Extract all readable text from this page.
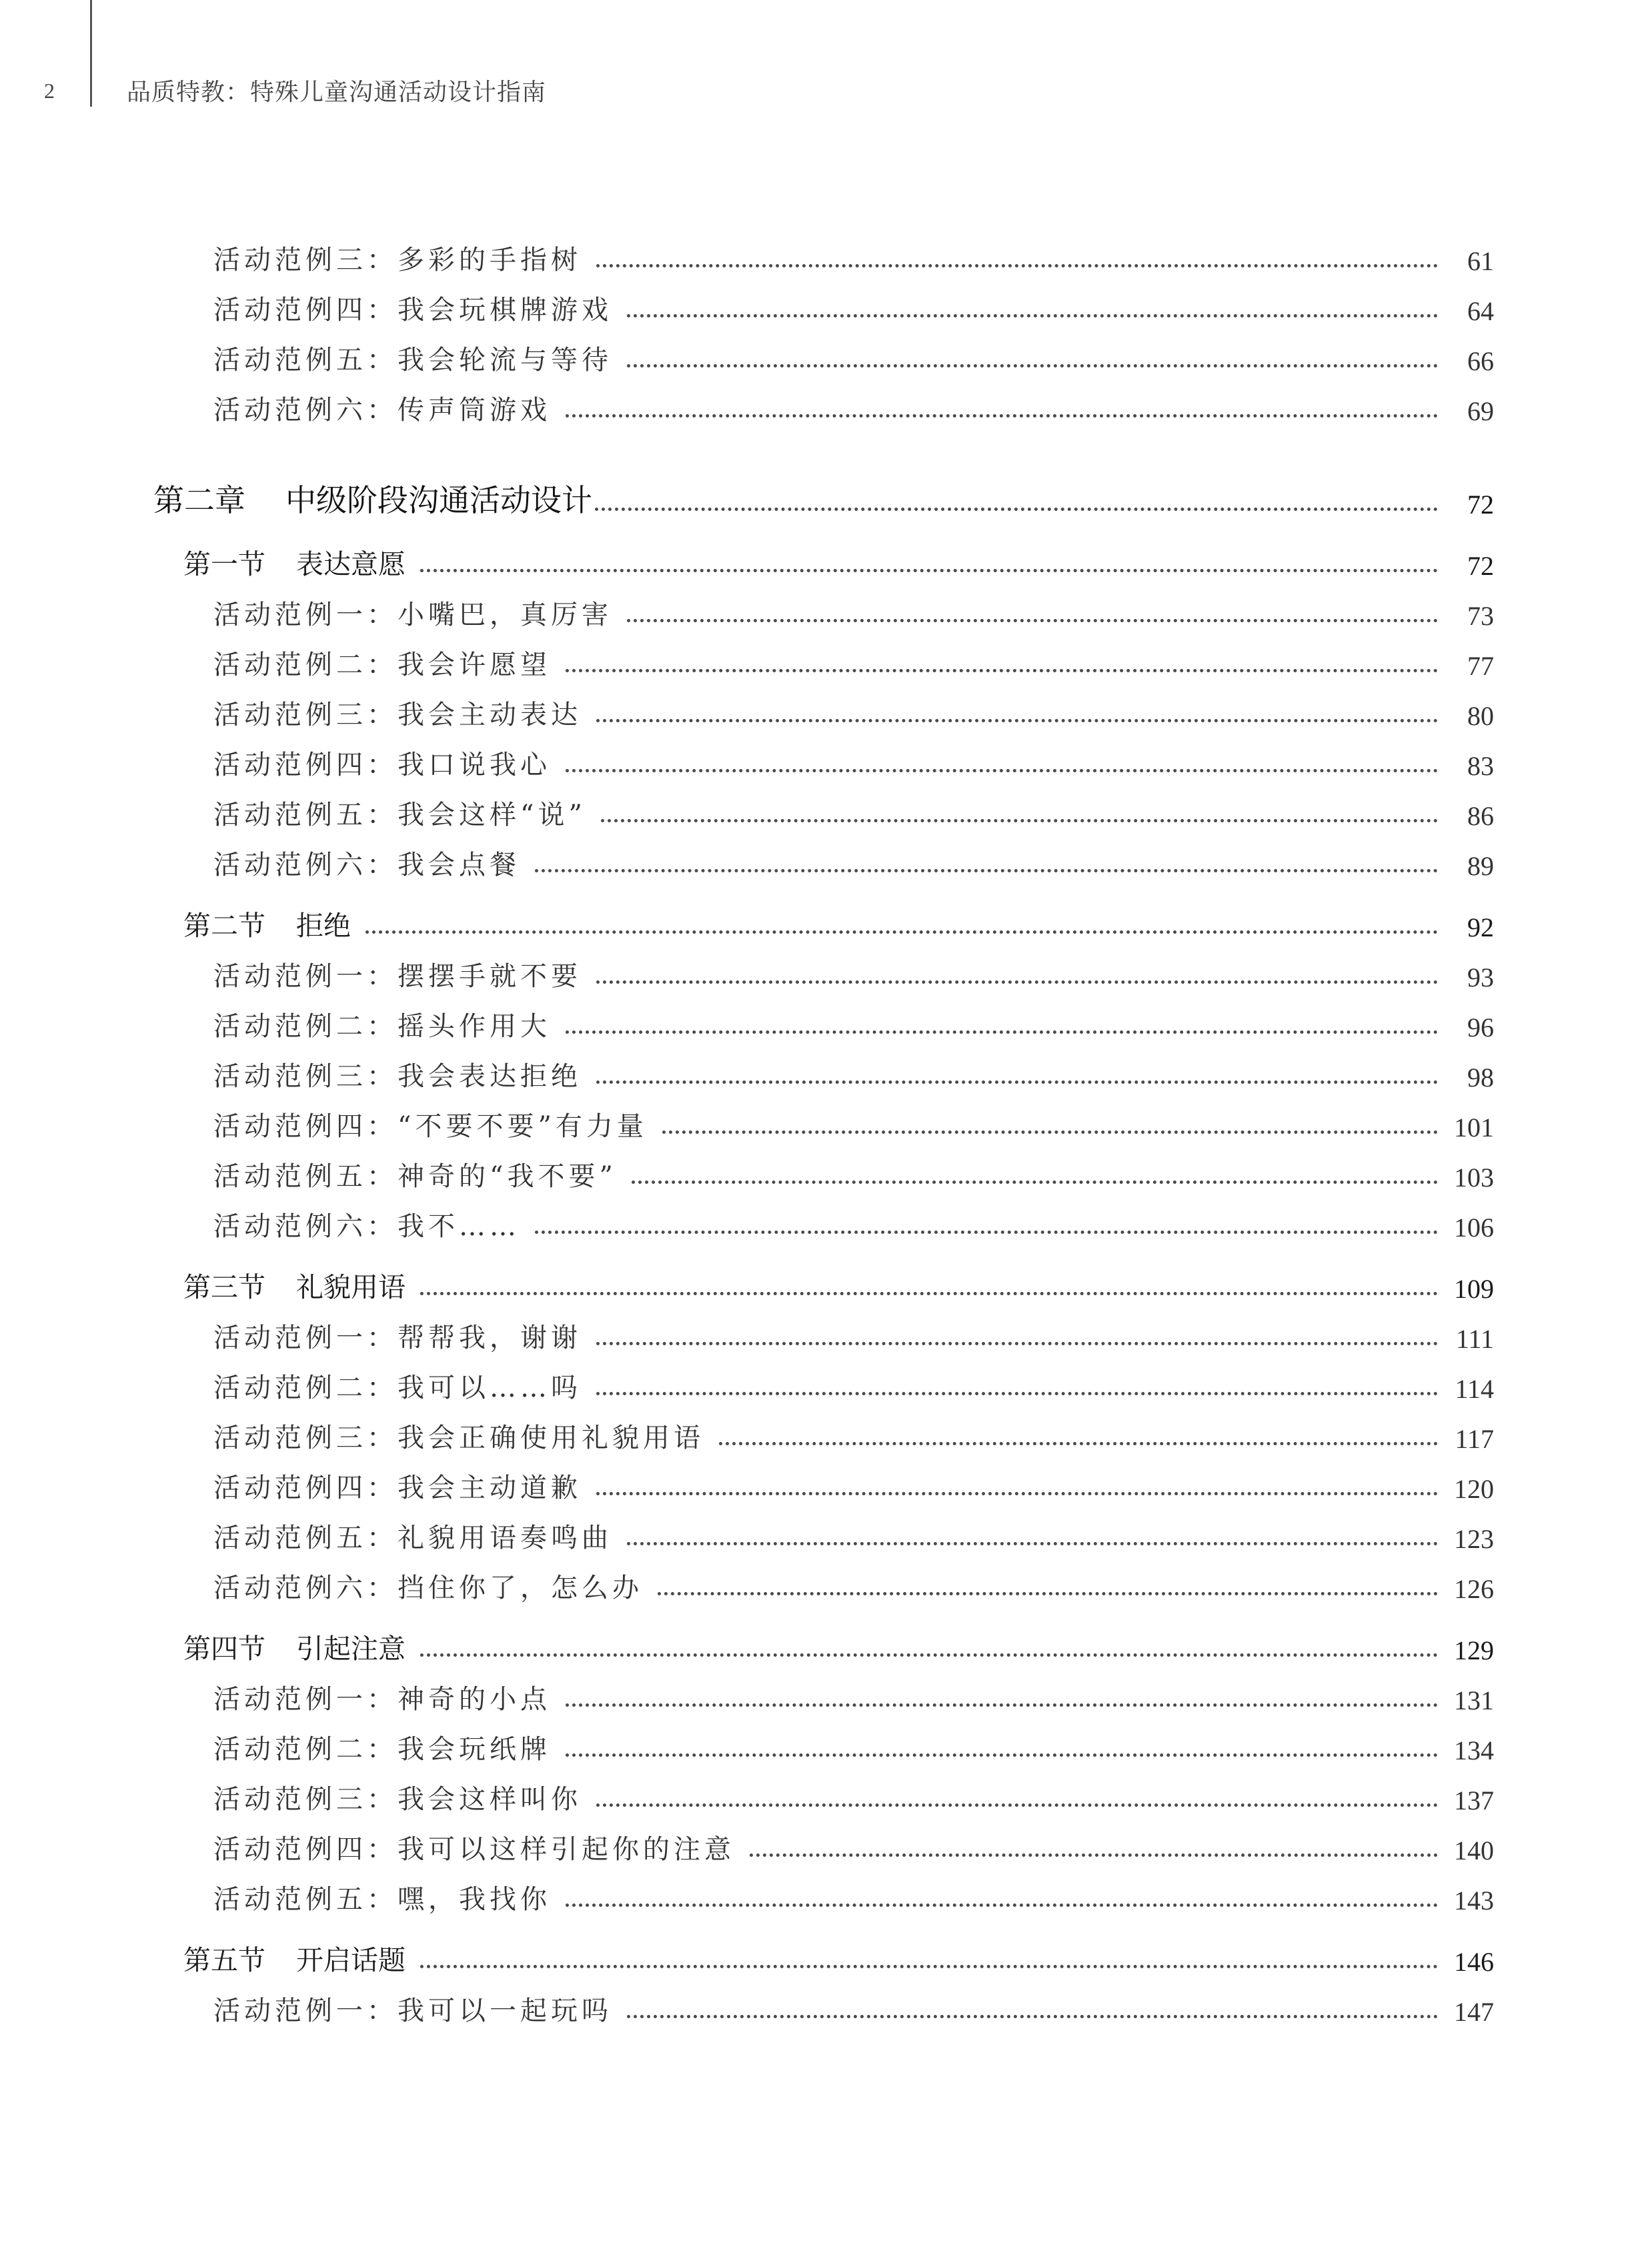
2	品质特教：特殊儿童沟通活动设计指南
活动范例三：多彩的手指树	61
活动范例四：我会玩棋牌游戏	64
活动范例五：我会轮流与等待	66
活动范例六：传声筒游戏	69
第二章 中级阶段沟通活动设计	72
第一节 表达意愿	72
活动范例一：小嘴巴，真厉害	73
活动范例二：我会许愿望	77
活动范例三：我会主动表达	80
活动范例四：我口说我心	83
活动范例五：我会这样“说”	86
活动范例六：我会点餐	89
第二节 拒绝	92
活动范例一：摆摆手就不要	93
活动范例二：摇头作用大	96
活动范例三：我会表达拒绝	98
活动范例四：“不要不要”有力量	101
活动范例五：神奇的“我不要”	103
活动范例六：我不……	106
第三节 礼貌用语	109
活动范例一：帮帮我，谢谢	111
活动范例二：我可以……吗	114
活动范例三：我会正确使用礼貌用语	117
活动范例四：我会主动道歉	120
活动范例五：礼貌用语奏鸣曲	123
活动范例六：挡住你了，怎么办	126
第四节 引起注意	129
活动范例一：神奇的小点	131
活动范例二：我会玩纸牌	134
活动范例三：我会这样叫你	137
活动范例四：我可以这样引起你的注意	140
活动范例五：嘿，我找你	143
第五节 开启话题	146
活动范例一：我可以一起玩吗	147
